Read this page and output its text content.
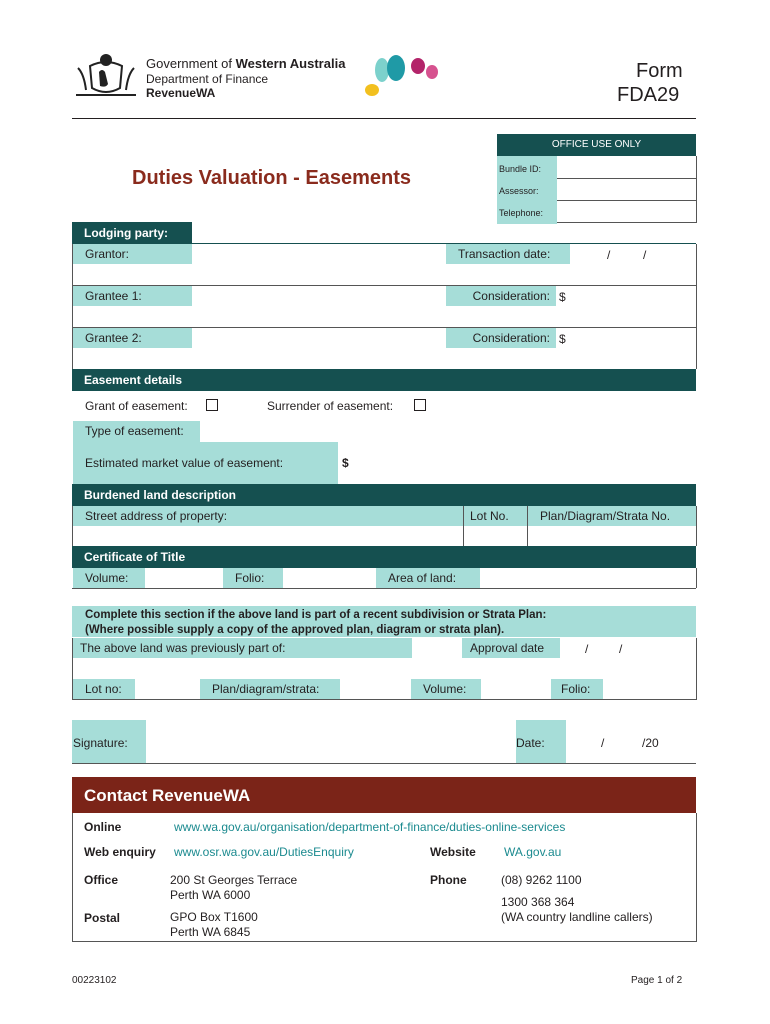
Government of Western Australia
Department of Finance
RevenueWA
Form
FDA29
OFFICE USE ONLY
Bundle ID:
Assessor:
Telephone:
Duties Valuation - Easements
Lodging party:
Grantor:	Transaction date:	/	/
Grantee 1:	Consideration: $
Grantee 2:	Consideration: $
Easement details
Grant of easement:	Surrender of easement:
Type of easement:
Estimated market value of easement:	$
Burdened land description
Street address of property:	Lot No.	Plan/Diagram/Strata No.
Certificate of Title
Volume:	Folio:	Area of land:
Complete this section if the above land is part of a recent subdivision or Strata Plan:
(Where possible supply a copy of the approved plan, diagram or strata plan).
The above land was previously part of:	Approval date	/	/
Lot no:	Plan/diagram/strata:	Volume:	Folio:
Signature:	Date:	/	/20
Contact RevenueWA
Online	www.wa.gov.au/organisation/department-of-finance/duties-online-services
Web enquiry www.osr.wa.gov.au/DutiesEnquiry	Website WA.gov.au
Office	200 St Georges Terrace
Perth WA 6000
Phone	(08) 9262 1100
1300 368 364
(WA country landline callers)
Postal	GPO Box T1600
Perth WA 6845
00223102	Page 1 of 2
